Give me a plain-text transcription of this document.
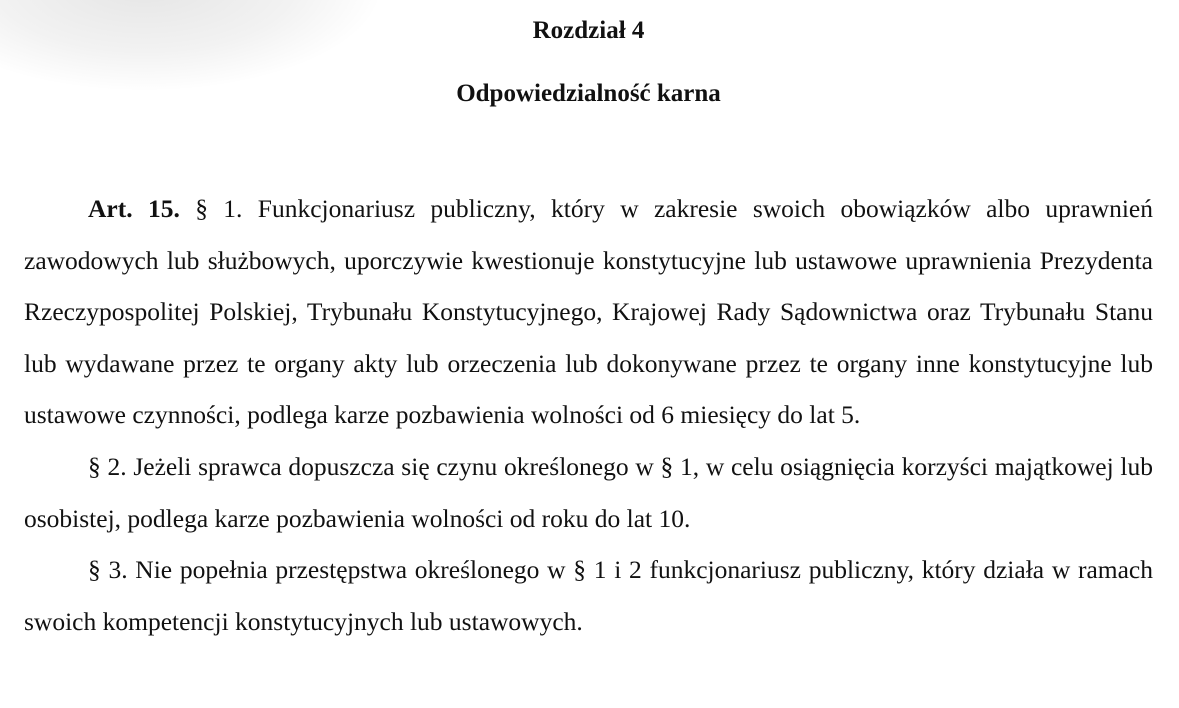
Rozdział 4
Odpowiedzialność karna

Art. 15. § 1. Funkcjonariusz publiczny, który w zakresie swoich obowiązków albo uprawnień zawodowych lub służbowych, uporczywie kwestionuje konstytucyjne lub ustawowe uprawnienia Prezydenta Rzeczypospolitej Polskiej, Trybunału Konstytucyjnego, Krajowej Rady Sądownictwa oraz Trybunału Stanu lub wydawane przez te organy akty lub orzeczenia lub dokonywane przez te organy inne konstytucyjne lub ustawowe czynności, podlega karze pozbawienia wolności od 6 miesięcy do lat 5.

§ 2. Jeżeli sprawca dopuszcza się czynu określonego w § 1, w celu osiągnięcia korzyści majątkowej lub osobistej, podlega karze pozbawienia wolności od roku do lat 10.

§ 3. Nie popełnia przestępstwa określonego w § 1 i 2 funkcjonariusz publiczny, który działa w ramach swoich kompetencji konstytucyjnych lub ustawowych.
